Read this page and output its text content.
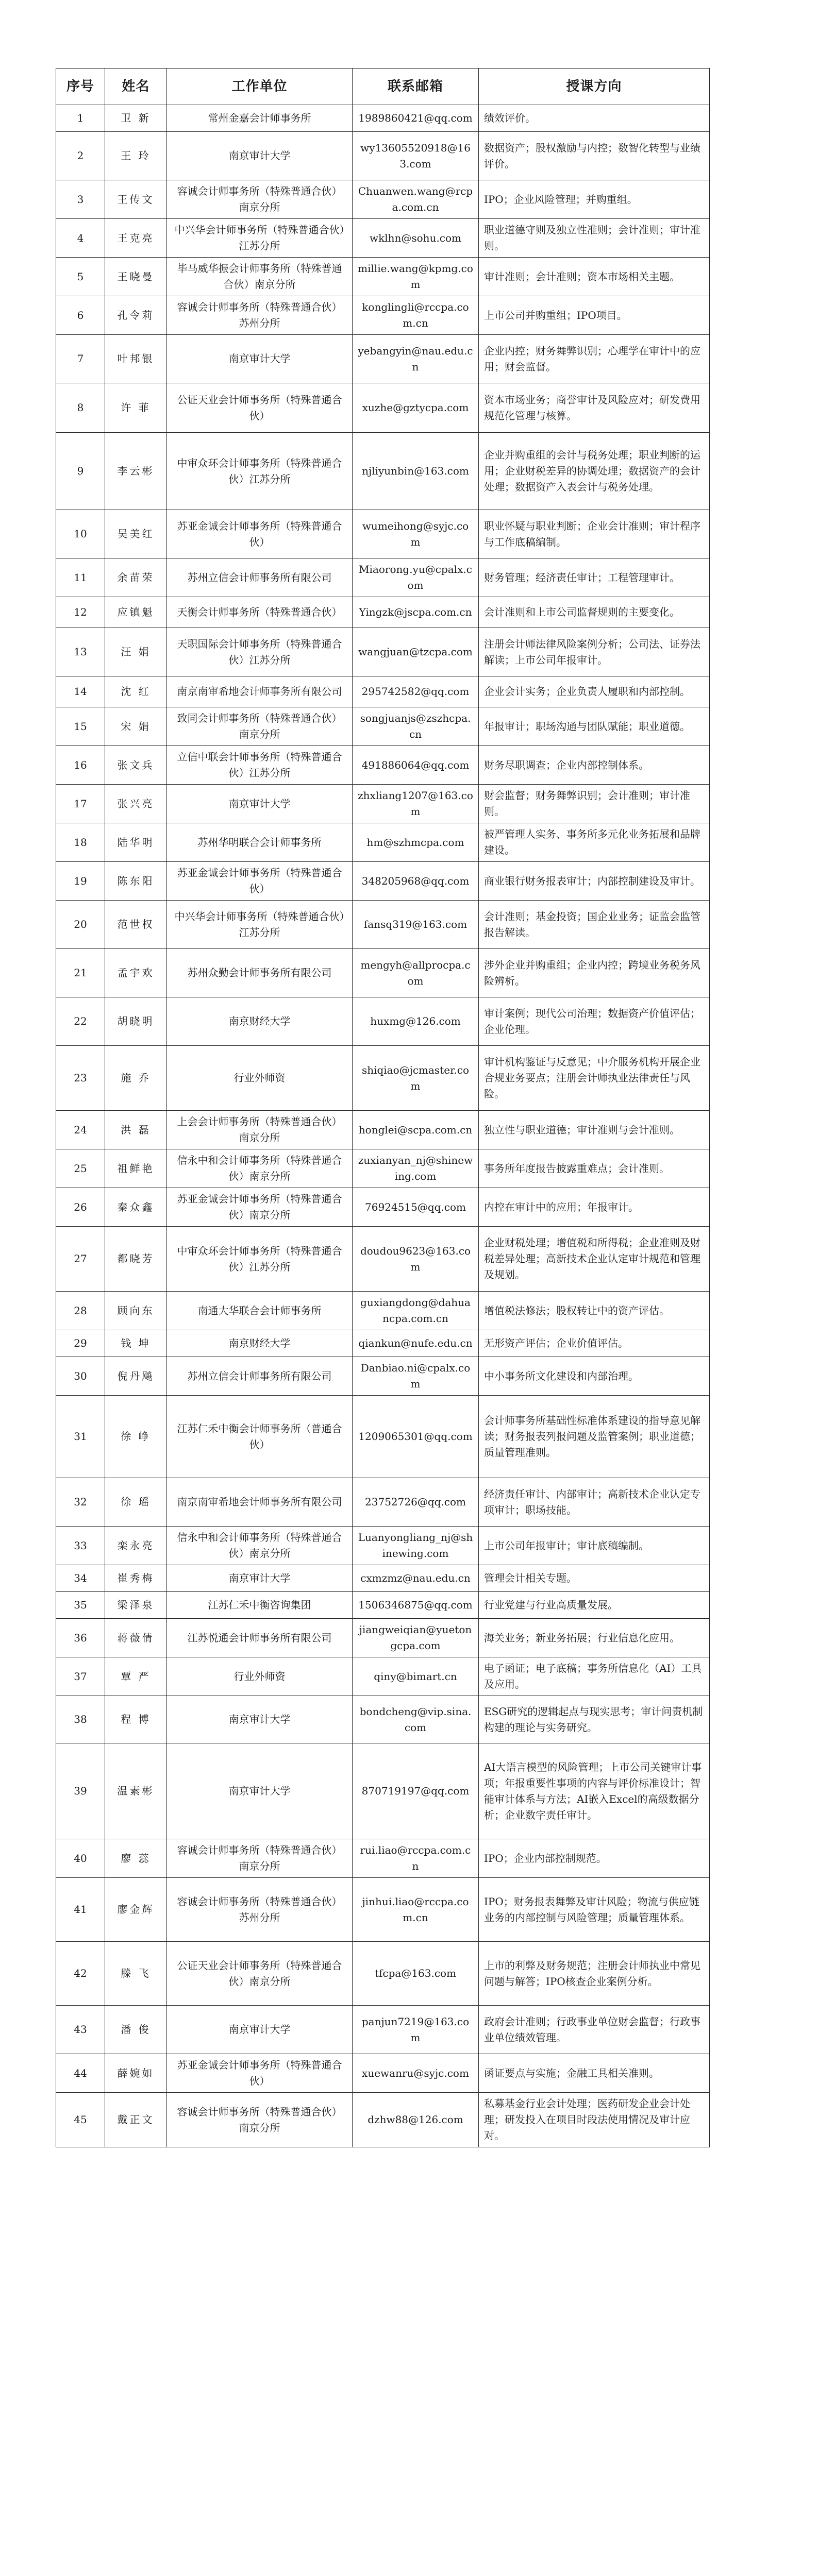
序号	姓名	工作单位	联系邮箱	授课方向
1	卫 新	常州金嘉会计师事务所	1989860421@qq.com	绩效评价。
2	王 玲	南京审计大学	wy13605520918@163.com	数据资产；股权激励与内控；数智化转型与业绩评价。
3	王传文	容诚会计师事务所（特殊普通合伙）南京分所	Chuanwen.wang@rcpa.com.cn	IPO；企业风险管理；并购重组。
4	王克亮	中兴华会计师事务所（特殊普通合伙）江苏分所	wklhn@sohu.com	职业道德守则及独立性准则；会计准则；审计准则。
5	王晓曼	毕马威华振会计师事务所（特殊普通合伙）南京分所	millie.wang@kpmg.com	审计准则；会计准则；资本市场相关主题。
6	孔令莉	容诚会计师事务所（特殊普通合伙）苏州分所	konglingli@rccpa.com.cn	上市公司并购重组；IPO项目。
7	叶邦银	南京审计大学	yebangyin@nau.edu.cn	企业内控；财务舞弊识别；心理学在审计中的应用；财会监督。
8	许 菲	公证天业会计师事务所（特殊普通合伙）	xuzhe@gztycpa.com	资本市场业务；商誉审计及风险应对；研发费用规范化管理与核算。
9	李云彬	中审众环会计师事务所（特殊普通合伙）江苏分所	njliyunbin@163.com	企业并购重组的会计与税务处理；职业判断的运用；企业财税差异的协调处理；数据资产的会计处理；数据资产入表会计与税务处理。
10	吴美红	苏亚金诚会计师事务所（特殊普通合伙）	wumeihong@syjc.com	职业怀疑与职业判断；企业会计准则；审计程序与工作底稿编制。
11	余苗荣	苏州立信会计师事务所有限公司	Miaorong.yu@cpalx.com	财务管理；经济责任审计；工程管理审计。
12	应镇魁	天衡会计师事务所（特殊普通合伙）	Yingzk@jscpa.com.cn	会计准则和上市公司监督规则的主要变化。
13	汪 娟	天职国际会计师事务所（特殊普通合伙）江苏分所	wangjuan@tzcpa.com	注册会计师法律风险案例分析；公司法、证券法解读；上市公司年报审计。
14	沈 红	南京南审希地会计师事务所有限公司	295742582@qq.com	企业会计实务；企业负责人履职和内部控制。
15	宋 娟	致同会计师事务所（特殊普通合伙）南京分所	songjuanjs@zszhcpa.cn	年报审计；职场沟通与团队赋能；职业道德。
16	张文兵	立信中联会计师事务所（特殊普通合伙）江苏分所	491886064@qq.com	财务尽职调查；企业内部控制体系。
17	张兴亮	南京审计大学	zhxliang1207@163.com	财会监督；财务舞弊识别；会计准则；审计准则。
18	陆华明	苏州华明联合会计师事务所	hm@szhmcpa.com	被严管理人实务、事务所多元化业务拓展和品牌建设。
19	陈东阳	苏亚金诚会计师事务所（特殊普通合伙）	348205968@qq.com	商业银行财务报表审计；内部控制建设及审计。
20	范世权	中兴华会计师事务所（特殊普通合伙）江苏分所	fansq319@163.com	会计准则；基金投资；国企业业务；证监会监管报告解读。
21	孟宇欢	苏州众勤会计师事务所有限公司	mengyh@allprocpa.com	涉外企业并购重组；企业内控；跨境业务税务风险辨析。
22	胡晓明	南京财经大学	huxmg@126.com	审计案例；现代公司治理；数据资产价值评估；企业伦理。
23	施 乔	行业外师资	shiqiao@jcmaster.com	审计机构鉴证与反意见；中介服务机构开展企业合规业务要点；注册会计师执业法律责任与风险。
24	洪 磊	上会会计师事务所（特殊普通合伙）南京分所	honglei@scpa.com.cn	独立性与职业道德；审计准则与会计准则。
25	祖鲜艳	信永中和会计师事务所（特殊普通合伙）南京分所	zuxianyan_nj@shinewing.com	事务所年度报告披露重难点；会计准则。
26	秦众鑫	苏亚金诚会计师事务所（特殊普通合伙）南京分所	76924515@qq.com	内控在审计中的应用；年报审计。
27	都晓芳	中审众环会计师事务所（特殊普通合伙）江苏分所	doudou9623@163.com	企业财税处理；增值税和所得税；企业准则及财税差异处理；高新技术企业认定审计规范和管理及规划。
28	顾向东	南通大华联合会计师事务所	guxiangdong@dahuancpa.com.cn	增值税法修法；股权转让中的资产评估。
29	钱 坤	南京财经大学	qiankun@nufe.edu.cn	无形资产评估；企业价值评估。
30	倪丹飚	苏州立信会计师事务所有限公司	Danbiao.ni@cpalx.com	中小事务所文化建设和内部治理。
31	徐 峥	江苏仁禾中衡会计师事务所（普通合伙）	1209065301@qq.com	会计师事务所基础性标准体系建设的指导意见解读；财务报表列报问题及监管案例；职业道德；质量管理准则。
32	徐 瑶	南京南审希地会计师事务所有限公司	23752726@qq.com	经济责任审计、内部审计；高新技术企业认定专项审计；职场技能。
33	栾永亮	信永中和会计师事务所（特殊普通合伙）南京分所	Luanyongliang_nj@shinewing.com	上市公司年报审计；审计底稿编制。
34	崔秀梅	南京审计大学	cxmzmz@nau.edu.cn	管理会计相关专题。
35	梁泽泉	江苏仁禾中衡咨询集团	1506346875@qq.com	行业党建与行业高质量发展。
36	蒋薇倩	江苏悦通会计师事务所有限公司	jiangweiqian@yuetongcpa.com	海关业务；新业务拓展；行业信息化应用。
37	覃 严	行业外师资	qiny@bimart.cn	电子函证；电子底稿；事务所信息化（AI）工具及应用。
38	程 博	南京审计大学	bondcheng@vip.sina.com	ESG研究的逻辑起点与现实思考；审计问责机制构建的理论与实务研究。
39	温素彬	南京审计大学	870719197@qq.com	AI大语言模型的风险管理；上市公司关键审计事项；年报重要性事项的内容与评价标准设计；智能审计体系与方法；AI嵌入Excel的高级数据分析；企业数字责任审计。
40	廖 蕊	容诚会计师事务所（特殊普通合伙）南京分所	rui.liao@rccpa.com.cn	IPO；企业内部控制规范。
41	廖金辉	容诚会计师事务所（特殊普通合伙）苏州分所	jinhui.liao@rccpa.com.cn	IPO；财务报表舞弊及审计风险；物流与供应链业务的内部控制与风险管理；质量管理体系。
42	滕 飞	公证天业会计师事务所（特殊普通合伙）南京分所	tfcpa@163.com	上市的利弊及财务规范；注册会计师执业中常见问题与解答；IPO核查企业案例分析。
43	潘 俊	南京审计大学	panjun7219@163.com	政府会计准则；行政事业单位财会监督；行政事业单位绩效管理。
44	薛婉如	苏亚金诚会计师事务所（特殊普通合伙）	xuewanru@syjc.com	函证要点与实施；金融工具相关准则。
45	戴正文	容诚会计师事务所（特殊普通合伙）南京分所	dzhw88@126.com	私募基金行业会计处理；医药研发企业会计处理；研发投入在项目时段法使用情况及审计应对。
